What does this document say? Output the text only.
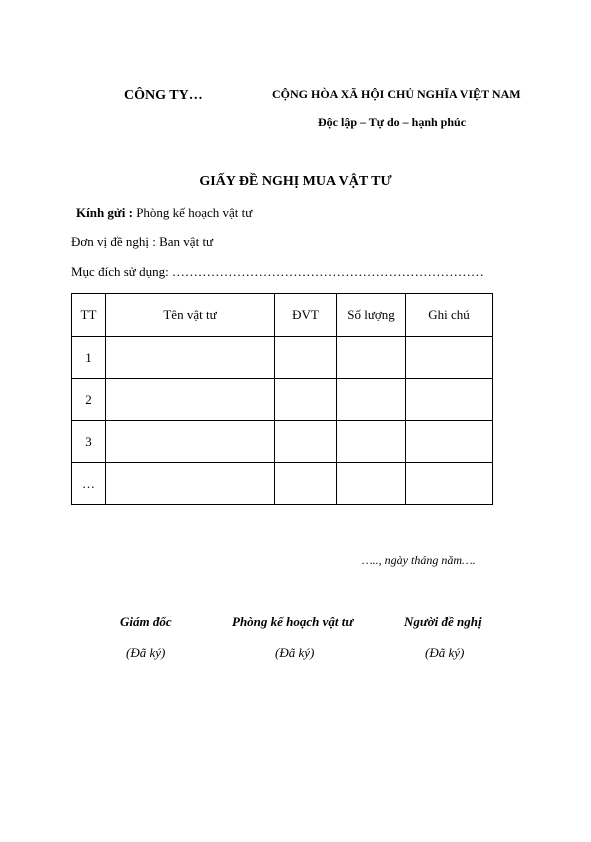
CÔNG TY…	CỘNG HÒA XÃ HỘI CHỦ NGHĨA VIỆT NAM
Độc lập – Tự do – hạnh phúc
GIẤY ĐỀ NGHỊ MUA VẬT TƯ
Kính gửi : Phòng kế hoạch vật tư
Đơn vị đề nghị : Ban vật tư
Mục đích sử dụng: ………………………………………………………………
TT	Tên vật tư	ĐVT	Số lượng	Ghi chú
1				
2				
3				
…				
….., ngày tháng năm….
Giám đốc	Phòng kế hoạch vật tư	Người đề nghị
(Đã ký)	(Đã ký)	(Đã ký)
